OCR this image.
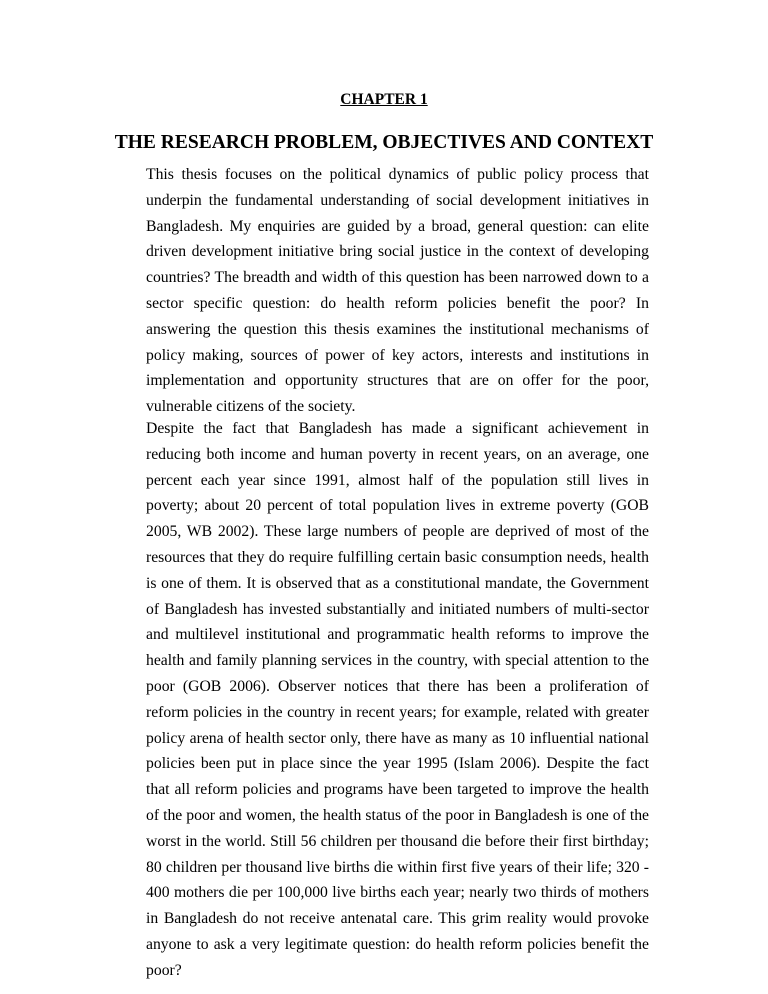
CHAPTER 1
THE RESEARCH PROBLEM, OBJECTIVES AND CONTEXT

This thesis focuses on the political dynamics of public policy process that underpin the fundamental understanding of social development initiatives in Bangladesh. My enquiries are guided by a broad, general question: can elite driven development initiative bring social justice in the context of developing countries? The breadth and width of this question has been narrowed down to a sector specific question: do health reform policies benefit the poor? In answering the question this thesis examines the institutional mechanisms of policy making, sources of power of key actors, interests and institutions in implementation and opportunity structures that are on offer for the poor, vulnerable citizens of the society.

Despite the fact that Bangladesh has made a significant achievement in reducing both income and human poverty in recent years, on an average, one percent each year since 1991, almost half of the population still lives in poverty; about 20 percent of total population lives in extreme poverty (GOB 2005, WB 2002). These large numbers of people are deprived of most of the resources that they do require fulfilling certain basic consumption needs, health is one of them. It is observed that as a constitutional mandate, the Government of Bangladesh has invested substantially and initiated numbers of multi-sector and multilevel institutional and programmatic health reforms to improve the health and family planning services in the country, with special attention to the poor (GOB 2006). Observer notices that there has been a proliferation of reform policies in the country in recent years; for example, related with greater policy arena of health sector only, there have as many as 10 influential national policies been put in place since the year 1995 (Islam 2006). Despite the fact that all reform policies and programs have been targeted to improve the health of the poor and women, the health status of the poor in Bangladesh is one of the worst in the world. Still 56 children per thousand die before their first birthday; 80 children per thousand live births die within first five years of their life; 320 - 400 mothers die per 100,000 live births each year; nearly two thirds of mothers in Bangladesh do not receive antenatal care. This grim reality would provoke anyone to ask a very legitimate question: do health reform policies benefit the poor?
